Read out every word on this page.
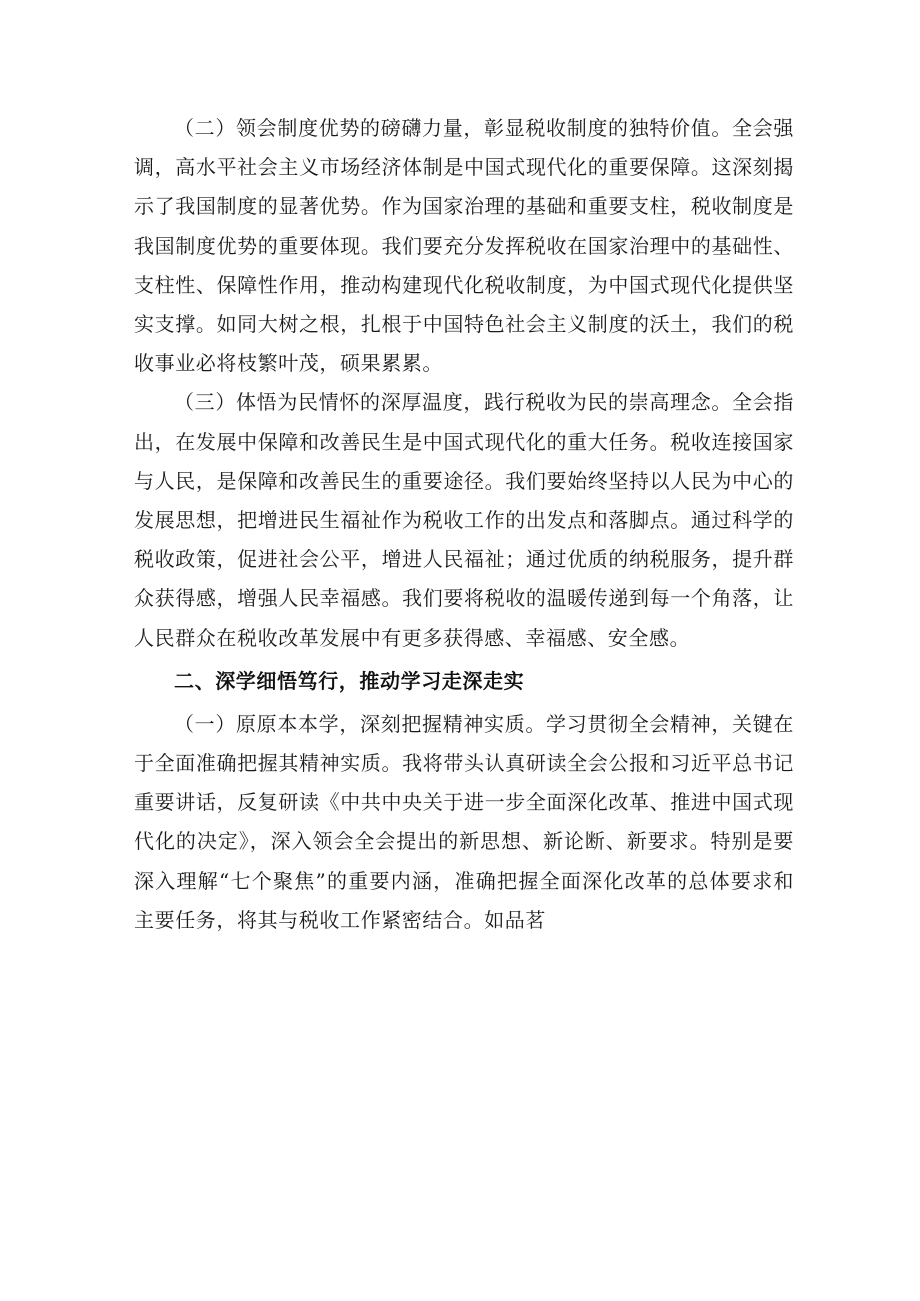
（二）领会制度优势的磅礴力量，彰显税收制度的独特价值。全会强调，高水平社会主义市场经济体制是中国式现代化的重要保障。这深刻揭示了我国制度的显著优势。作为国家治理的基础和重要支柱，税收制度是我国制度优势的重要体现。我们要充分发挥税收在国家治理中的基础性、支柱性、保障性作用，推动构建现代化税收制度，为中国式现代化提供坚实支撑。如同大树之根，扎根于中国特色社会主义制度的沃土，我们的税收事业必将枝繁叶茂，硕果累累。

（三）体悟为民情怀的深厚温度，践行税收为民的崇高理念。全会指出，在发展中保障和改善民生是中国式现代化的重大任务。税收连接国家与人民，是保障和改善民生的重要途径。我们要始终坚持以人民为中心的发展思想，把增进民生福祉作为税收工作的出发点和落脚点。通过科学的税收政策，促进社会公平，增进人民福祉；通过优质的纳税服务，提升群众获得感，增强人民幸福感。我们要将税收的温暖传递到每一个角落，让人民群众在税收改革发展中有更多获得感、幸福感、安全感。

二、深学细悟笃行，推动学习走深走实

（一）原原本本学，深刻把握精神实质。学习贯彻全会精神，关键在于全面准确把握其精神实质。我将带头认真研读全会公报和习近平总书记重要讲话，反复研读《中共中央关于进一步全面深化改革、推进中国式现代化的决定》，深入领会全会提出的新思想、新论断、新要求。特别是要深入理解“七个聚焦”的重要内涵，准确把握全面深化改革的总体要求和主要任务，将其与税收工作紧密结合。如品茗
